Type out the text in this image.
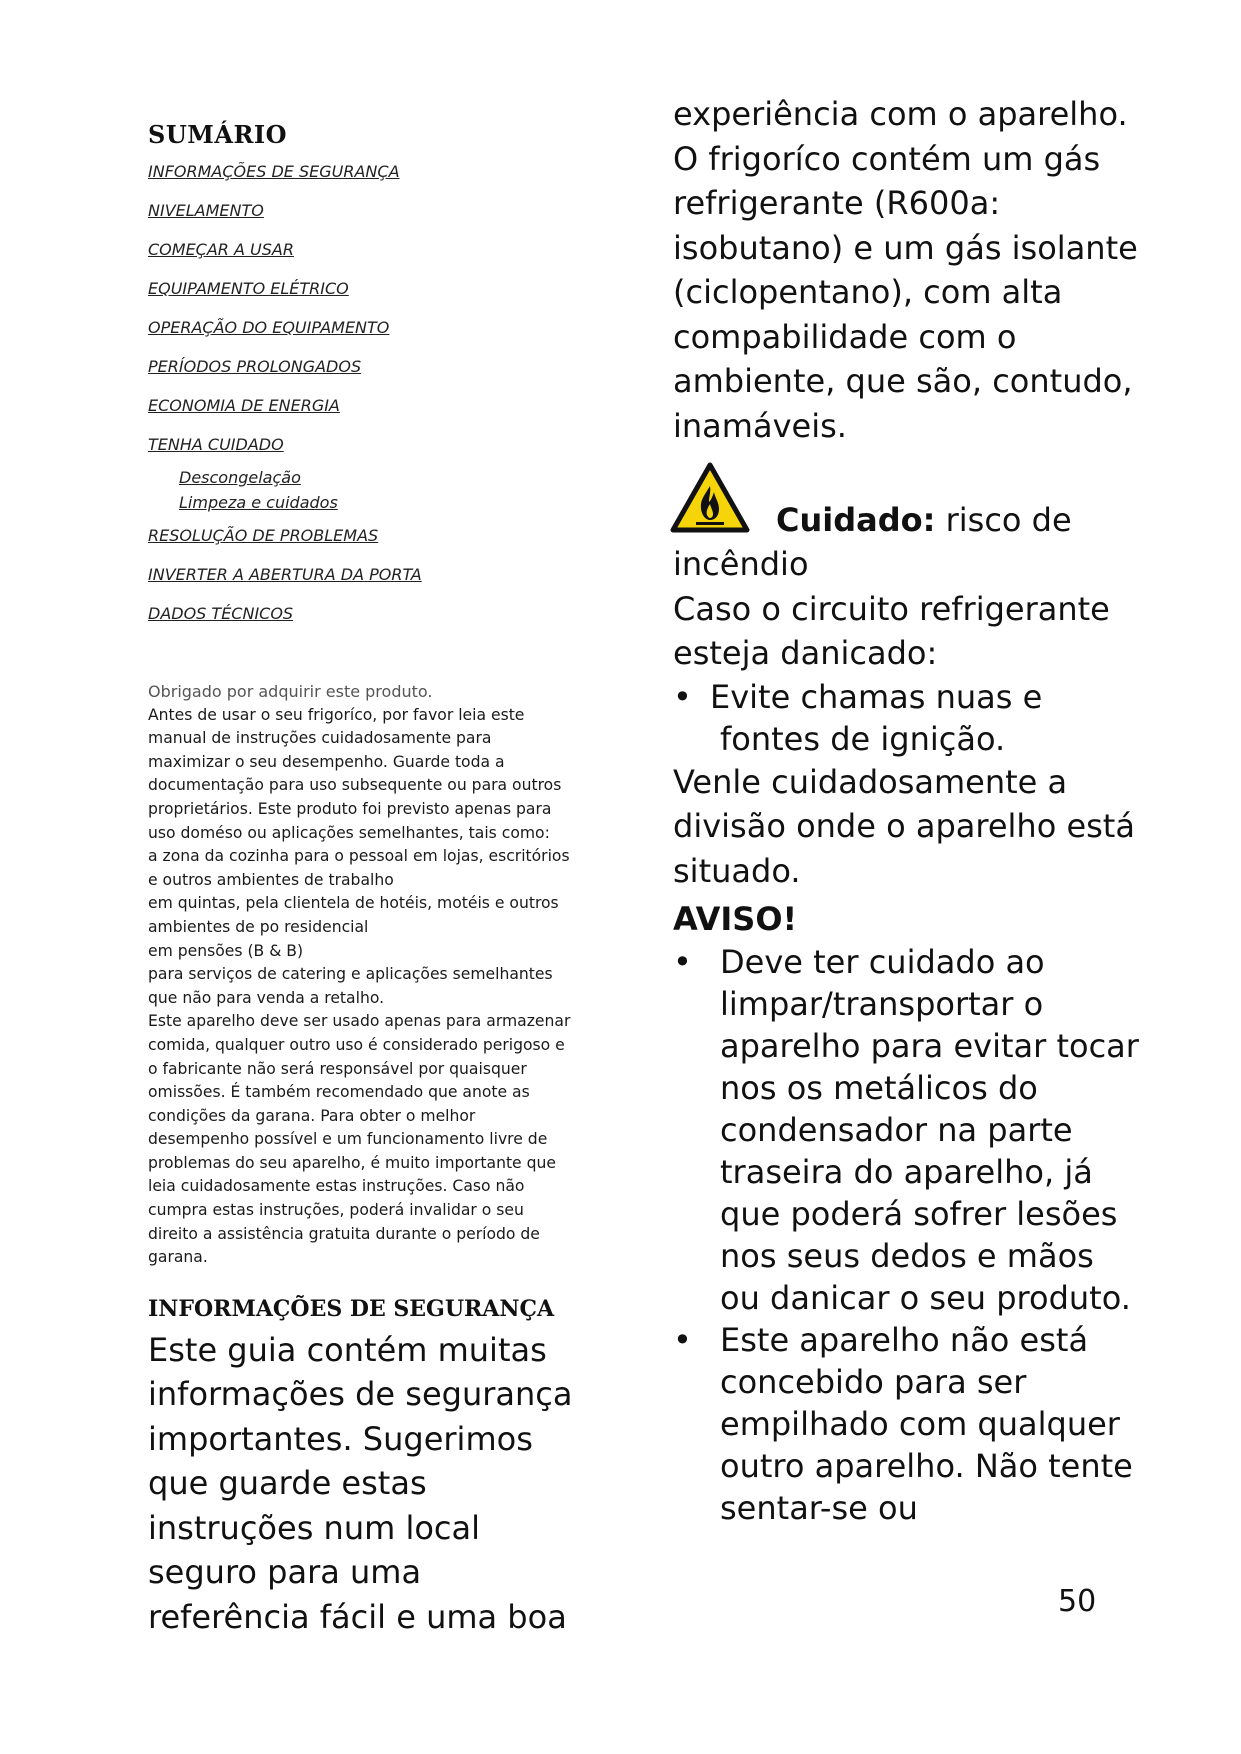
SUMÁRIO
INFORMAÇÕES DE SEGURANÇA
NIVELAMENTO
COMEÇAR A USAR
EQUIPAMENTO ELÉTRICO
OPERAÇÃO DO EQUIPAMENTO
PERÍODOS PROLONGADOS
ECONOMIA DE ENERGIA
TENHA CUIDADO
Descongelação
Limpeza e cuidados
RESOLUÇÃO DE PROBLEMAS
INVERTER A ABERTURA DA PORTA
DADOS TÉCNICOS

Obrigado por adquirir este produto.

Antes de usar o seu frigoríco, por favor leia este manual de instruções cuidadosamente para maximizar o seu desempenho. Guarde toda a documentação para uso subsequente ou para outros proprietários. Este produto foi previsto apenas para uso doméso ou aplicações semelhantes, tais como:

a zona da cozinha para o pessoal em lojas, escritórios e outros ambientes de trabalho

em quintas, pela clientela de hotéis, motéis e outros ambientes de po residencial

em pensões (B & B)

para serviços de catering e aplicações semelhantes que não para venda a retalho.

Este aparelho deve ser usado apenas para armazenar comida, qualquer outro uso é considerado perigoso e o fabricante não será responsável por quaisquer omissões. É também recomendado que anote as condições da garana. Para obter o melhor desempenho possível e um funcionamento livre de problemas do seu aparelho, é muito importante que leia cuidadosamente estas instruções. Caso não cumpra estas instruções, poderá invalidar o seu direito a assistência gratuita durante o período de garana.

INFORMAÇÕES DE SEGURANÇA

Este guia contém muitas informações de segurança importantes. Sugerimos que guarde estas instruções num local seguro para uma referência fácil e uma boa

experiência com o aparelho.

O frigoríco contém um gás refrigerante (R600a: isobutano) e um gás isolante (ciclopentano), com alta compabilidade com o ambiente, que são, contudo, inamáveis.

Cuidado: risco de

incêndio

Caso o circuito refrigerante esteja danicado:

• Evite chamas nuas e
fontes de ignição.

Venle cuidadosamente a divisão onde o aparelho está situado.

AVISO!
• Deve ter cuidado ao limpar/transportar o aparelho para evitar tocar nos os metálicos do condensador na parte traseira do aparelho, já que poderá sofrer lesões nos seus dedos e mãos ou danicar o seu produto.
• Este aparelho não está concebido para ser empilhado com qualquer outro aparelho. Não tente sentar-se ou
50
